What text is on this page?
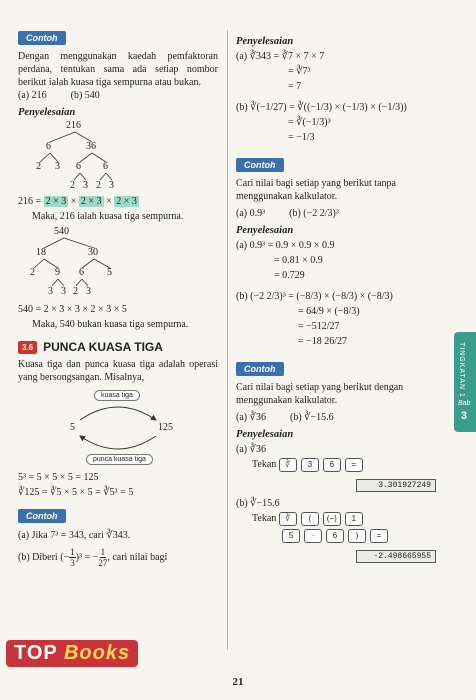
Contoh
Dengan menggunakan kaedah pemfaktoran perdana, tentukan sama ada setiap nombor berikut ialah kuasa tiga sempurna atau bukan.
(a) 216 (b) 540
Penyelesaian
216
6	36
2 3 6 6
2 3 2 3
216 = 2 × 3 × 2 × 3 × 2 × 3
Maka, 216 ialah kuasa tiga sempurna.
540
18	30
2 9 6 5
3 3 2 3
540 = 2 × 3 × 3 × 2 × 3 × 5
Maka, 540 bukan kuasa tiga sempurna.
3.6 PUNCA KUASA TIGA
Kuasa tiga dan punca kuasa tiga adalah operasi yang bersongsangan. Misalnya,
kuasa tiga
5	125
punca kuasa tiga
5³ = 5 × 5 × 5 = 125
∛125 = ∛5 × 5 × 5 = ∛5³ = 5
Contoh
(a) Jika 7³ = 343, cari ∛343.
(b) Diberi (− $\frac{1}{3} )^3$ = − $\frac{1}{27}$ , cari nilai bagi
Penyelesaian
(a) ∛343 = ∛7 × 7 × 7
= ∛7³
= 7
(b) ∛(−1/27) = ∛((−1/3) × (−1/3) × (−1/3))
= ∛(−1/3)³
= −1/3
Contoh
Cari nilai bagi setiap yang berikut tanpa menggunakan kalkulator.
(a) 0.9³ (b) (−2 2/3)³
Penyelesaian
(a) 0.9³ = 0.9 × 0.9 × 0.9
= 0.81 × 0.9
= 0.729
(b) (−2 2/3)³ = (−8/3) × (−8/3) × (−8/3)
= 64/9 × (−8/3)
= −512/27
= −18 26/27
Contoh
Cari nilai bagi setiap yang berikut dengan menggunakan kalkulator.
(a) ∛36 (b) ∛−15.6
Penyelesaian
(a) ∛36
Tekan ∛ 3 6 =
3.301927249
(b) ∛−15.6
Tekan ∛ ( (−) 1
5 · 6 ) =
-2.498665955
TINGKATAN 1
Bab
3
TOP Books
21
